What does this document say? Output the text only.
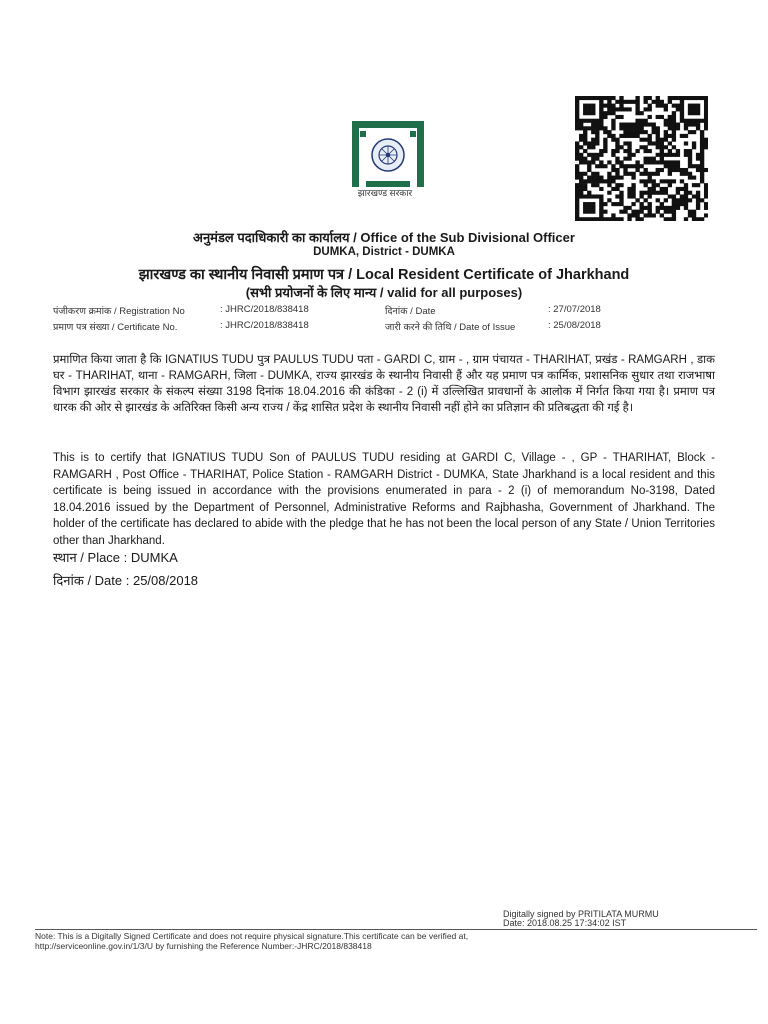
झारखण्ड सरकार
अनुमंडल पदाधिकारी का कार्यालय / Office of the Sub Divisional Officer
DUMKA, District - DUMKA
झारखण्ड का स्थानीय निवासी प्रमाण पत्र / Local Resident Certificate of Jharkhand
(सभी प्रयोजनों के लिए मान्य / valid for all purposes)
पंजीकरण क्रमांक / Registration No	: JHRC/2018/838418	दिनांक / Date	: 27/07/2018
प्रमाण पत्र संख्या / Certificate No.	: JHRC/2018/838418	जारी करने की तिथि / Date of Issue	: 25/08/2018
प्रमाणित किया जाता है कि IGNATIUS TUDU पुत्र PAULUS TUDU पता - GARDI C, ग्राम - , ग्राम पंचायत - THARIHAT, प्रखंड - RAMGARH , डाक घर - THARIHAT, थाना - RAMGARH, जिला - DUMKA, राज्य झारखंड के स्थानीय निवासी हैं और यह प्रमाण पत्र कार्मिक, प्रशासनिक सुधार तथा राजभाषा विभाग झारखंड सरकार के संकल्प संख्या 3198 दिनांक 18.04.2016 की कंडिका - 2 (i) में उल्लिखित प्रावधानों के आलोक में निर्गत किया गया है। प्रमाण पत्र धारक की ओर से झारखंड के अतिरिक्त किसी अन्य राज्य / केंद्र शासित प्रदेश के स्थानीय निवासी नहीं होने का प्रतिज्ञान की प्रतिबद्धता की गई है।
This is to certify that IGNATIUS TUDU Son of PAULUS TUDU residing at GARDI C, Village - , GP - THARIHAT, Block - RAMGARH , Post Office - THARIHAT, Police Station - RAMGARH District - DUMKA, State Jharkhand is a local resident and this certificate is being issued in accordance with the provisions enumerated in para - 2 (i) of memorandum No-3198, Dated 18.04.2016 issued by the Department of Personnel, Administrative Reforms and Rajbhasha, Government of Jharkhand. The holder of the certificate has declared to abide with the pledge that he has not been the local person of any State / Union Territories other than Jharkhand.
स्थान / Place : DUMKA
दिनांक / Date : 25/08/2018
Digitally signed by PRITILATA MURMU
Date: 2018.08.25 17:34:02 IST
Note: This is a Digitally Signed Certificate and does not require physical signature.This certificate can be verified at,
http://serviceonline.gov.in/1/3/U by furnishing the Reference Number:-JHRC/2018/838418
